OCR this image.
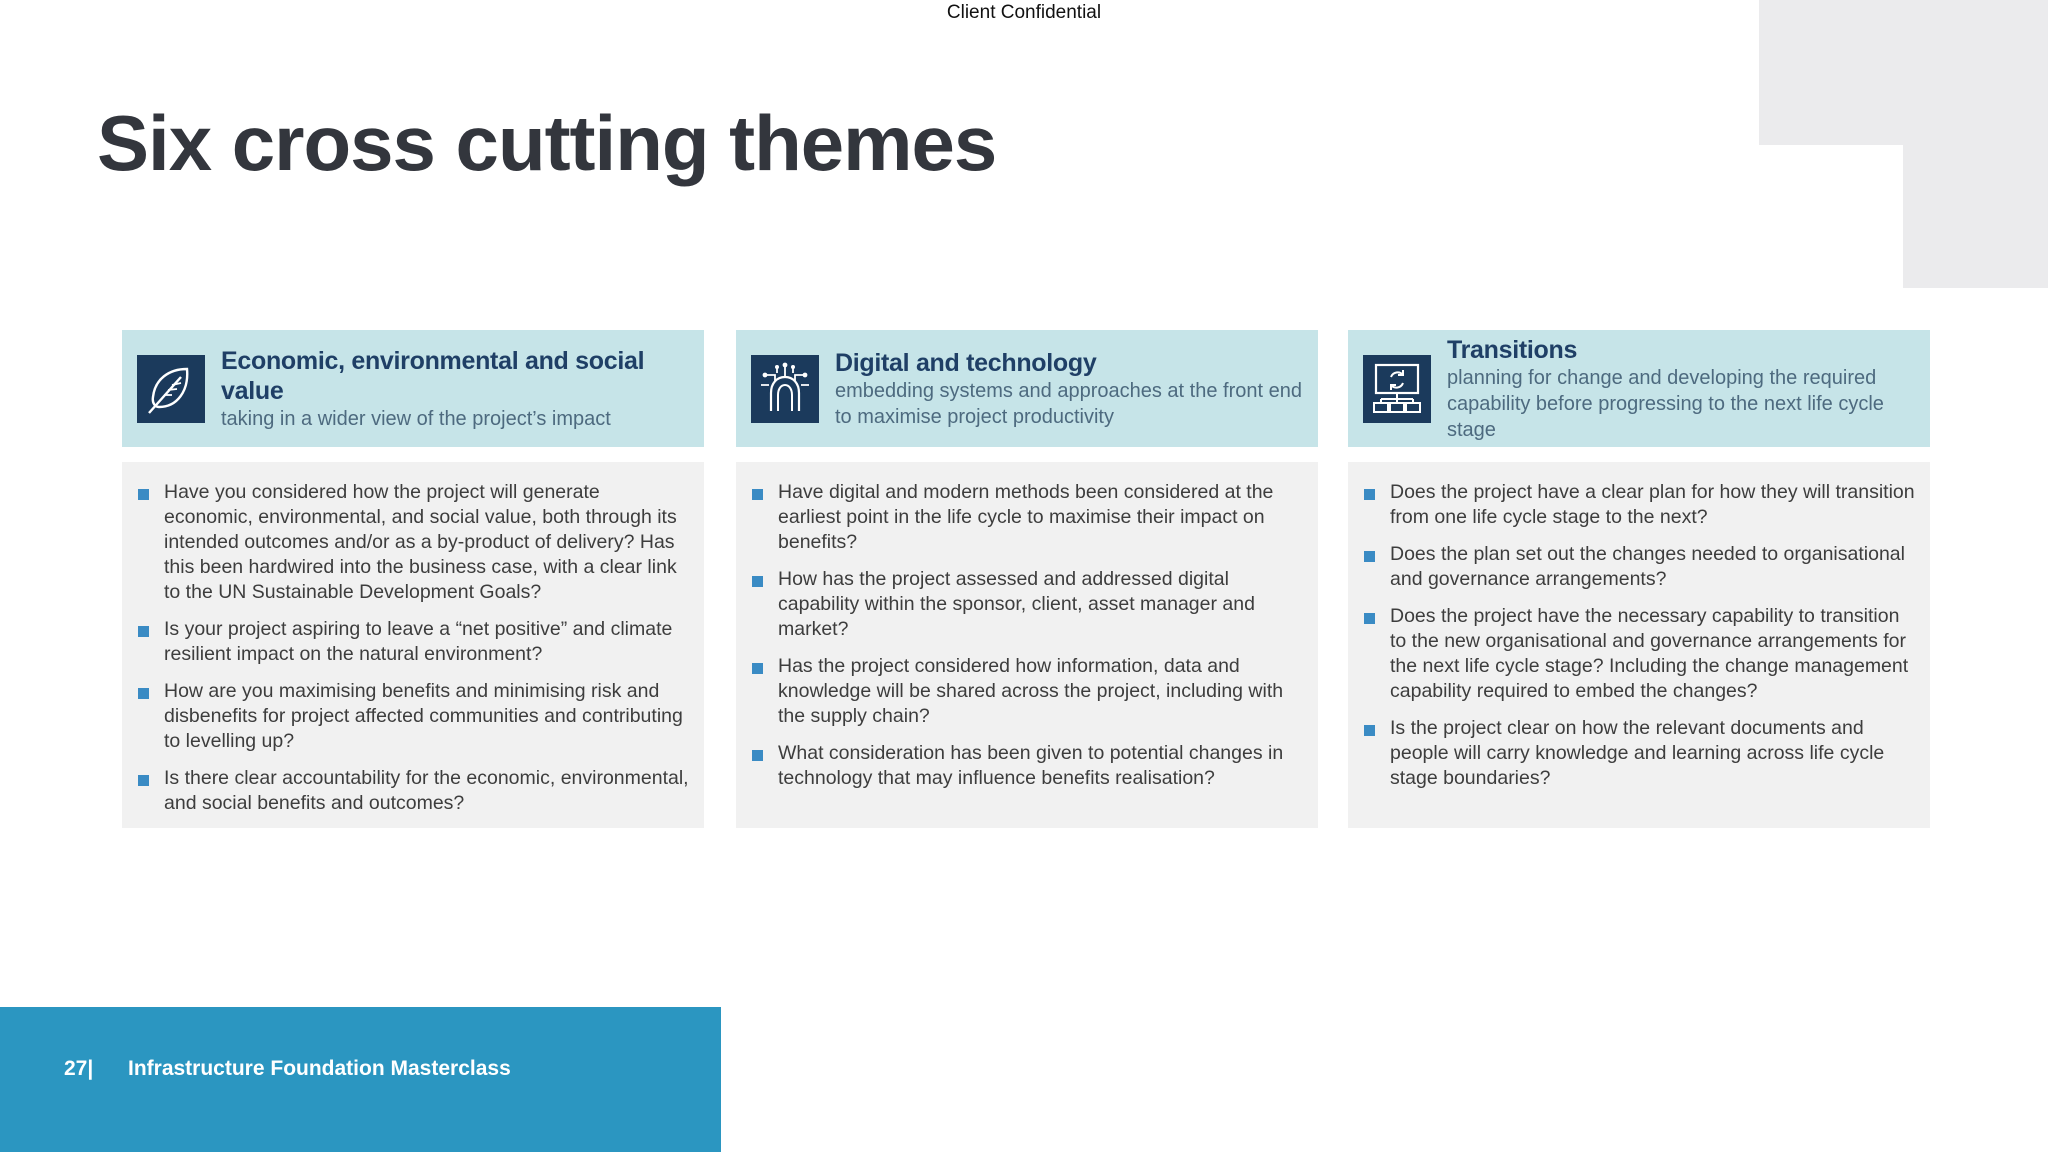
Client Confidential
Six cross cutting themes
Economic, environmental and social value
taking in a wider view of the project’s impact
Have you considered how the project will generate economic, environmental, and social value, both through its intended outcomes and/or as a by-product of delivery? Has this been hardwired into the business case, with a clear link to the UN Sustainable Development Goals?
Is your project aspiring to leave a “net positive” and climate resilient impact on the natural environment?
How are you maximising benefits and minimising risk and disbenefits for project affected communities and contributing to levelling up?
Is there clear accountability for the economic, environmental, and social benefits and outcomes?
Digital and technology
embedding systems and approaches at the front end to maximise project productivity
Have digital and modern methods been considered at the earliest point in the life cycle to maximise their impact on benefits?
How has the project assessed and addressed digital capability within the sponsor, client, asset manager and market?
Has the project considered how information, data and knowledge will be shared across the project, including with the supply chain?
What consideration has been given to potential changes in technology that may influence benefits realisation?
Transitions
planning for change and developing the required capability before progressing to the next life cycle stage
Does the project have a clear plan for how they will transition from one life cycle stage to the next?
Does the plan set out the changes needed to organisational and governance arrangements?
Does the project have the necessary capability to transition to the new organisational and governance arrangements for the next life cycle stage? Including the change management capability required to embed the changes?
Is the project clear on how the relevant documents and people will carry knowledge and learning across life cycle stage boundaries?
27| Infrastructure Foundation Masterclass
